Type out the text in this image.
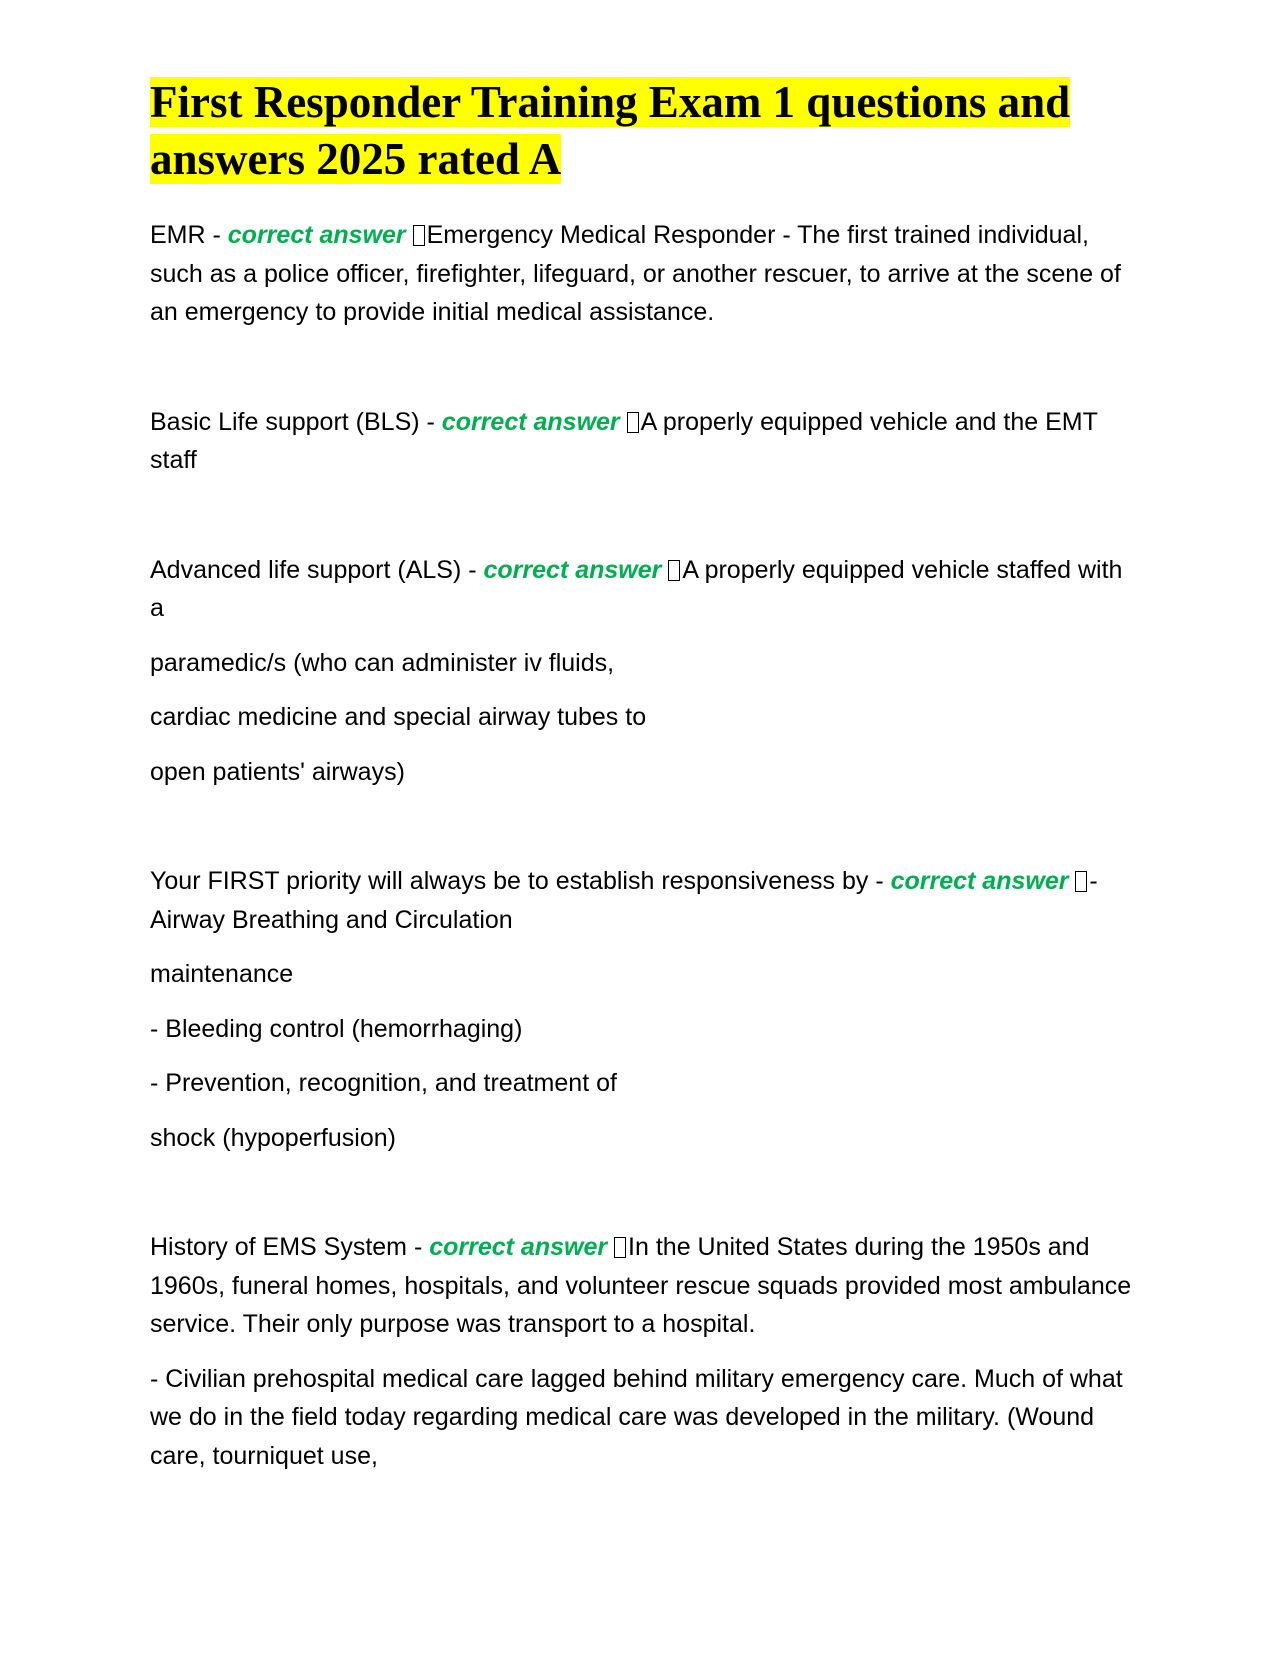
First Responder Training Exam 1 questions and answers 2025 rated A

EMR - correct answer Emergency Medical Responder - The first trained individual, such as a police officer, firefighter, lifeguard, or another rescuer, to arrive at the scene of an emergency to provide initial medical assistance.

Basic Life support (BLS) - correct answer A properly equipped vehicle and the EMT staff

Advanced life support (ALS) - correct answer A properly equipped vehicle staffed with a

paramedic/s (who can administer iv fluids,

cardiac medicine and special airway tubes to

open patients' airways)

Your FIRST priority will always be to establish responsiveness by - correct answer - Airway Breathing and Circulation

maintenance

- Bleeding control (hemorrhaging)

- Prevention, recognition, and treatment of

shock (hypoperfusion)

History of EMS System - correct answer In the United States during the 1950s and 1960s, funeral homes, hospitals, and volunteer rescue squads provided most ambulance service. Their only purpose was transport to a hospital.

- Civilian prehospital medical care lagged behind military emergency care. Much of what we do in the field today regarding medical care was developed in the military. (Wound care, tourniquet use,
